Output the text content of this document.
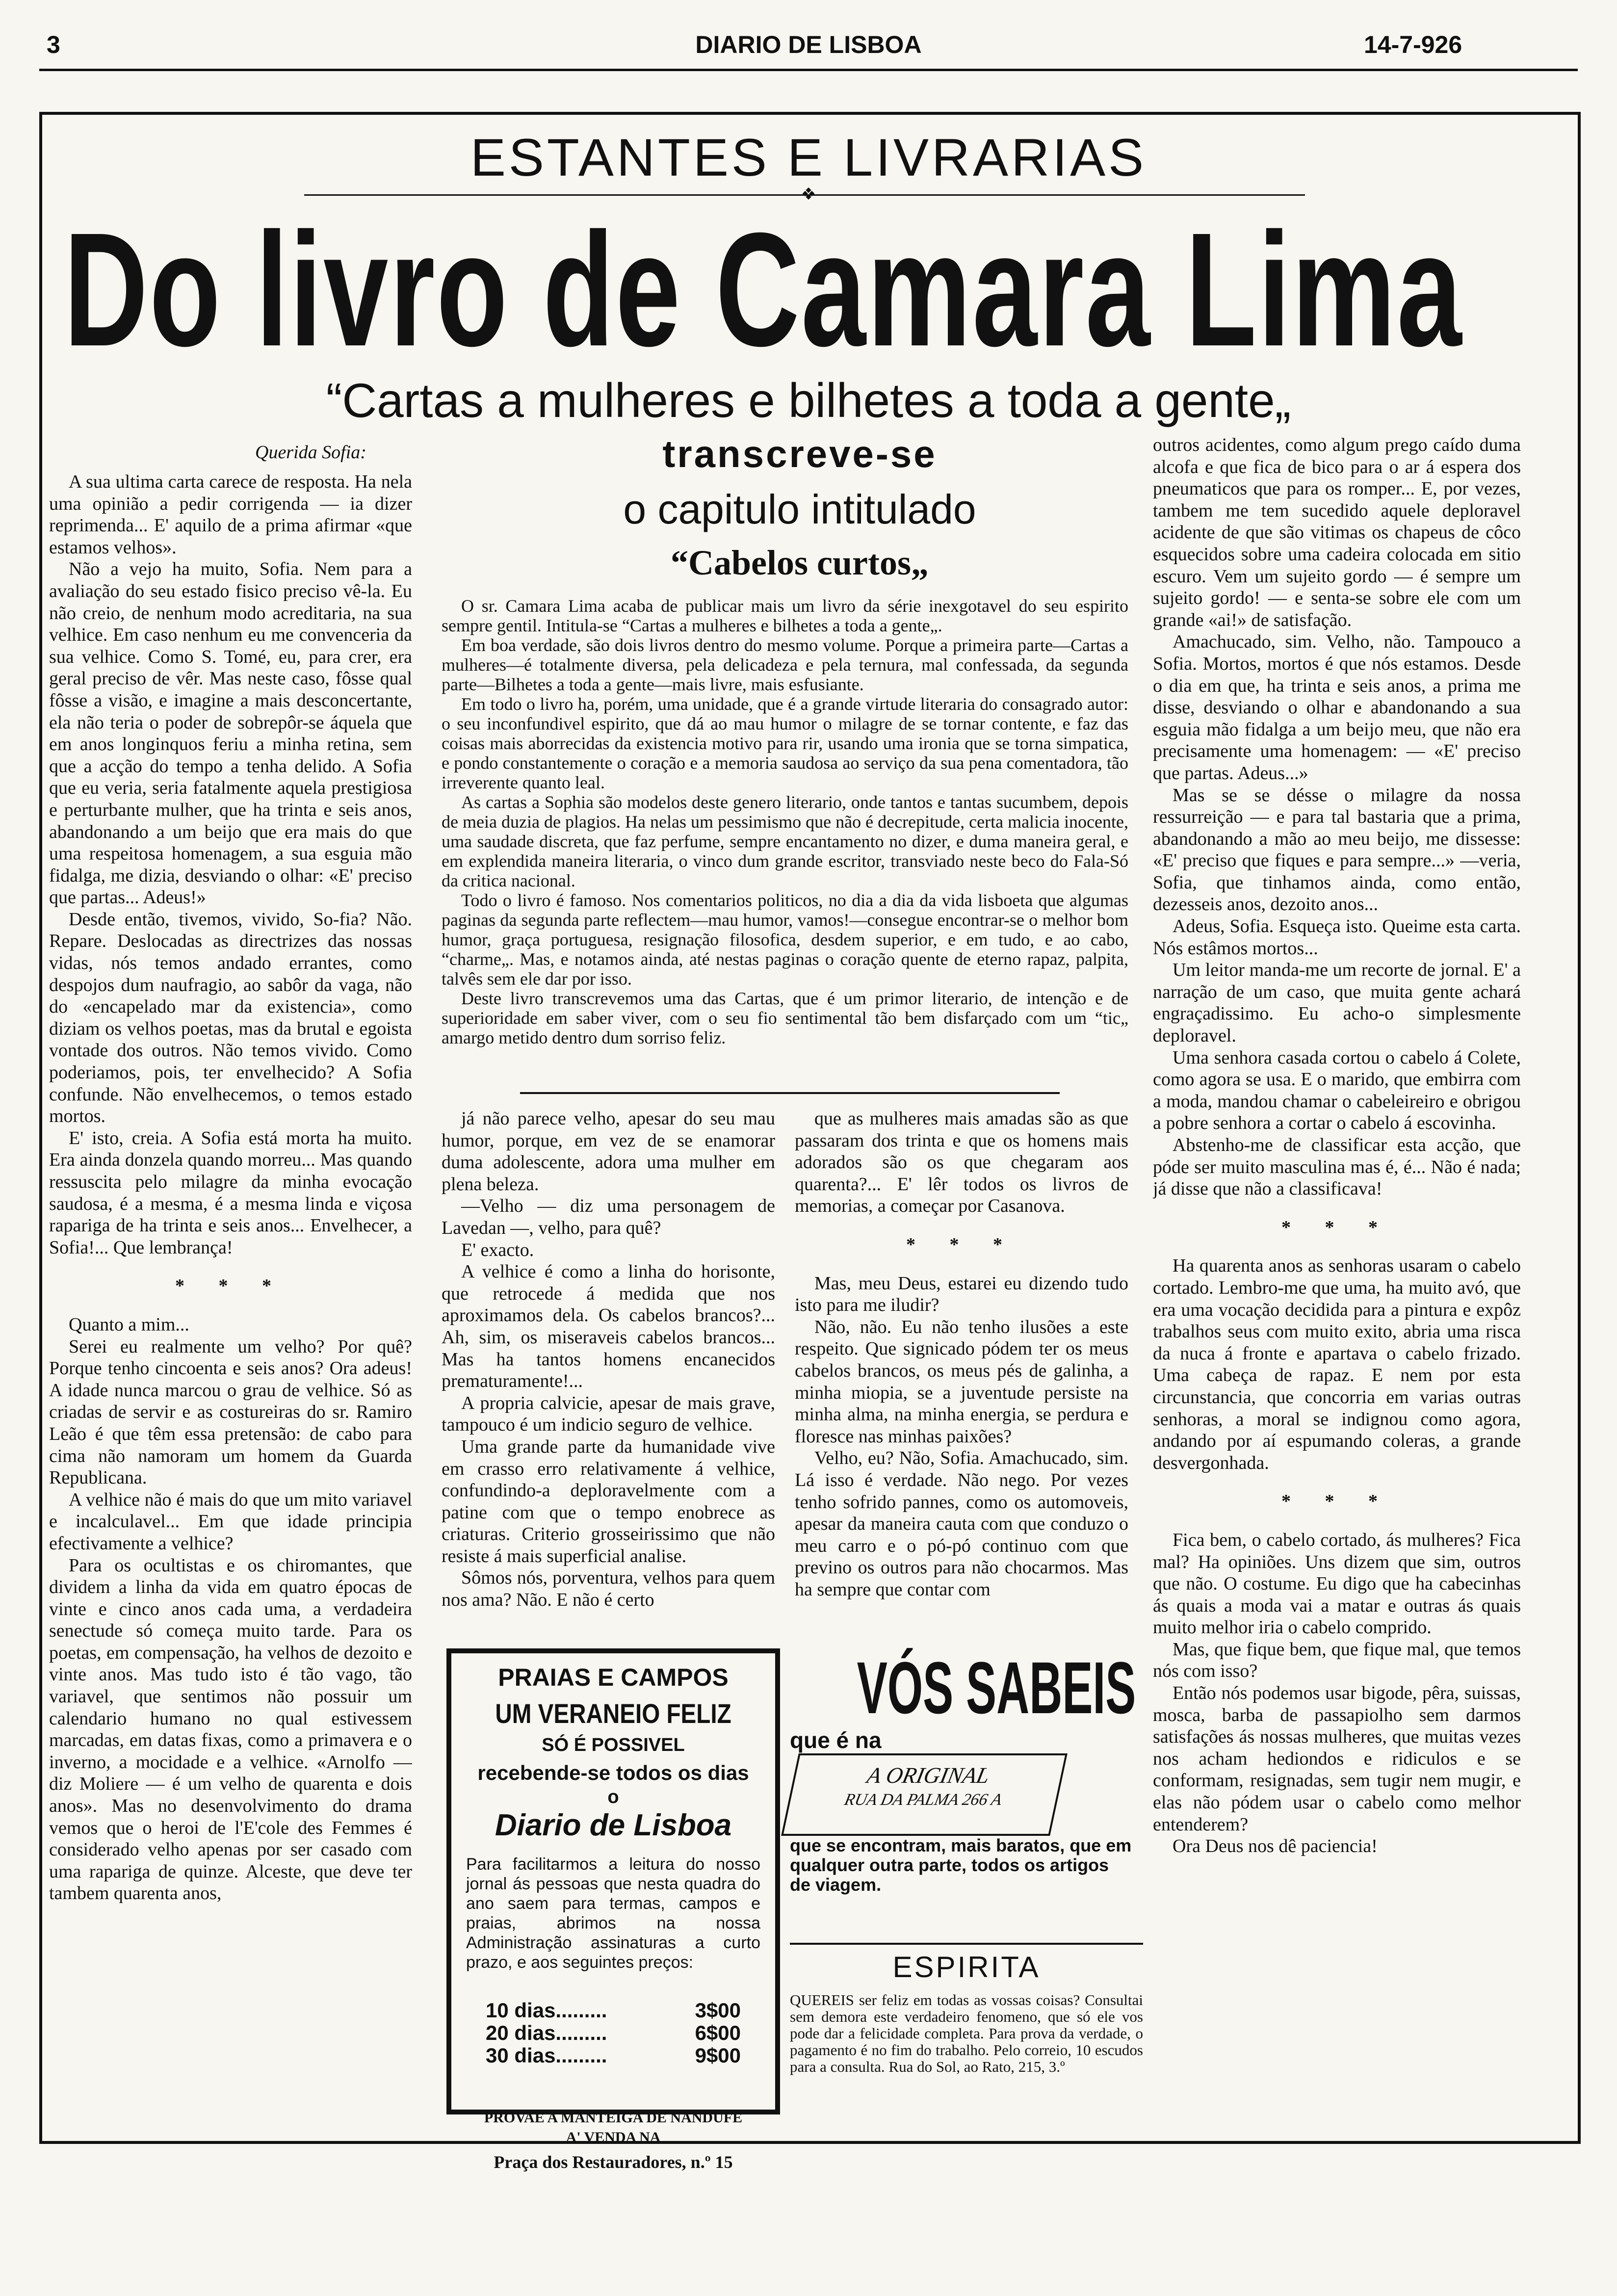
3	DIARIO DE LISBOA	14-7-926
ESTANTES E LIVRARIAS
❖
Do livro de Camara Lima
“Cartas a mulheres e bilhetes a toda a gente„
transcreve-se
o capitulo intitulado
“Cabelos curtos„
Querida Sofia:

A sua ultima carta carece de resposta. Ha nela uma opinião a pedir corrigenda — ia dizer reprimenda... E' aquilo de a prima afirmar «que estamos velhos».

Não a vejo ha muito, Sofia. Nem para a avaliação do seu estado fisico preciso vê-la. Eu não creio, de nenhum modo acreditaria, na sua velhice. Em caso nenhum eu me convenceria da sua velhice. Como S. Tomé, eu, para crer, era geral preciso de vêr. Mas neste caso, fôsse qual fôsse a visão, e imagine a mais desconcertante, ela não teria o poder de sobrepôr-se áquela que em anos longinquos feriu a minha retina, sem que a acção do tempo a tenha delido. A Sofia que eu veria, seria fatalmente aquela prestigiosa e perturbante mulher, que ha trinta e seis anos, abandonando a um beijo que era mais do que uma respeitosa homenagem, a sua esguia mão fidalga, me dizia, desviando o olhar: «E' preciso que partas... Adeus!»

Desde então, tivemos, vivido, So-fia? Não. Repare. Deslocadas as directrizes das nossas vidas, nós temos andado errantes, como despojos dum naufragio, ao sabôr da vaga, não do «encapelado mar da existencia», como diziam os velhos poetas, mas da brutal e egoista vontade dos outros. Não temos vivido. Como poderiamos, pois, ter envelhecido? A Sofia confunde. Não envelhecemos, o temos estado mortos.

E' isto, creia. A Sofia está morta ha muito. Era ainda donzela quando morreu... Mas quando ressuscita pelo milagre da minha evocação saudosa, é a mesma, é a mesma linda e viçosa rapariga de ha trinta e seis anos... Envelhecer, a Sofia!... Que lembrança!

* * *

Quanto a mim...

Serei eu realmente um velho? Por quê? Porque tenho cincoenta e seis anos? Ora adeus! A idade nunca marcou o grau de velhice. Só as criadas de servir e as costureiras do sr. Ramiro Leão é que têm essa pretensão: de cabo para cima não namoram um homem da Guarda Republicana.

A velhice não é mais do que um mito variavel e incalculavel... Em que idade principia efectivamente a velhice?

Para os ocultistas e os chiromantes, que dividem a linha da vida em quatro épocas de vinte e cinco anos cada uma, a verdadeira senectude só começa muito tarde. Para os poetas, em compensação, ha velhos de dezoito e vinte anos. Mas tudo isto é tão vago, tão variavel, que sentimos não possuir um calendario humano no qual estivessem marcadas, em datas fixas, como a primavera e o inverno, a mocidade e a velhice. «Arnolfo — diz Moliere — é um velho de quarenta e dois anos». Mas no desenvolvimento do drama vemos que o heroi de l'E'cole des Femmes é considerado velho apenas por ser casado com uma rapariga de quinze. Alceste, que deve ter tambem quarenta anos,

O sr. Camara Lima acaba de publicar mais um livro da série inexgotavel do seu espirito sempre gentil. Intitula-se “Cartas a mulheres e bilhetes a toda a gente„.

Em boa verdade, são dois livros dentro do mesmo volume. Porque a primeira parte—Cartas a mulheres—é totalmente diversa, pela delicadeza e pela ternura, mal confessada, da segunda parte—Bilhetes a toda a gente—mais livre, mais esfusiante.

Em todo o livro ha, porém, uma unidade, que é a grande virtude literaria do consagrado autor: o seu inconfundivel espirito, que dá ao mau humor o milagre de se tornar contente, e faz das coisas mais aborrecidas da existencia motivo para rir, usando uma ironia que se torna simpatica, e pondo constantemente o coração e a memoria saudosa ao serviço da sua pena comentadora, tão irreverente quanto leal.

As cartas a Sophia são modelos deste genero literario, onde tantos e tantas sucumbem, depois de meia duzia de plagios. Ha nelas um pessimismo que não é decrepitude, certa malicia inocente, uma saudade discreta, que faz perfume, sempre encantamento no dizer, e duma maneira geral, e em explendida maneira literaria, o vinco dum grande escritor, transviado neste beco do Fala-Só da critica nacional.

Todo o livro é famoso. Nos comentarios politicos, no dia a dia da vida lisboeta que algumas paginas da segunda parte reflectem—mau humor, vamos!—consegue encontrar-se o melhor bom humor, graça portuguesa, resignação filosofica, desdem superior, e em tudo, e ao cabo, “charme„. Mas, e notamos ainda, até nestas paginas o coração quente de eterno rapaz, palpita, talvês sem ele dar por isso.

Deste livro transcrevemos uma das Cartas, que é um primor literario, de intenção e de superioridade em saber viver, com o seu fio sentimental tão bem disfarçado com um “tic„ amargo metido dentro dum sorriso feliz.

já não parece velho, apesar do seu mau humor, porque, em vez de se enamorar duma adolescente, adora uma mulher em plena beleza.

—Velho — diz uma personagem de Lavedan —, velho, para quê?

E' exacto.

A velhice é como a linha do horisonte, que retrocede á medida que nos aproximamos dela. Os cabelos brancos?... Ah, sim, os miseraveis cabelos brancos... Mas ha tantos homens encanecidos prematuramente!...

A propria calvicie, apesar de mais grave, tampouco é um indicio seguro de velhice.

Uma grande parte da humanidade vive em crasso erro relativamente á velhice, confundindo-a deploravelmente com a patine com que o tempo enobrece as criaturas. Criterio grosseirissimo que não resiste á mais superficial analise.

Sômos nós, porventura, velhos para quem nos ama? Não. E não é certo

que as mulheres mais amadas são as que passaram dos trinta e que os homens mais adorados são os que chegaram aos quarenta?... E' lêr todos os livros de memorias, a começar por Casanova.

* * *

Mas, meu Deus, estarei eu dizendo tudo isto para me iludir?

Não, não. Eu não tenho ilusões a este respeito. Que signicado pódem ter os meus cabelos brancos, os meus pés de galinha, a minha miopia, se a juventude persiste na minha alma, na minha energia, se perdura e floresce nas minhas paixões?

Velho, eu? Não, Sofia. Amachucado, sim. Lá isso é verdade. Não nego. Por vezes tenho sofrido pannes, como os automoveis, apesar da maneira cauta com que conduzo o meu carro e o pó-pó continuo com que previno os outros para não chocarmos. Mas ha sempre que contar com

outros acidentes, como algum prego caído duma alcofa e que fica de bico para o ar á espera dos pneumaticos que para os romper... E, por vezes, tambem me tem sucedido aquele deploravel acidente de que são vitimas os chapeus de côco esquecidos sobre uma cadeira colocada em sitio escuro. Vem um sujeito gordo — é sempre um sujeito gordo! — e senta-se sobre ele com um grande «ai!» de satisfação.

Amachucado, sim. Velho, não. Tampouco a Sofia. Mortos, mortos é que nós estamos. Desde o dia em que, ha trinta e seis anos, a prima me disse, desviando o olhar e abandonando a sua esguia mão fidalga a um beijo meu, que não era precisamente uma homenagem: — «E' preciso que partas. Adeus...»

Mas se se désse o milagre da nossa ressurreição — e para tal bastaria que a prima, abandonando a mão ao meu beijo, me dissesse: «E' preciso que fiques e para sempre...» —veria, Sofia, que tinhamos ainda, como então, dezesseis anos, dezoito anos...

Adeus, Sofia. Esqueça isto. Queime esta carta. Nós estâmos mortos...

Um leitor manda-me um recorte de jornal. E' a narração de um caso, que muita gente achará engraçadissimo. Eu acho-o simplesmente deploravel.

Uma senhora casada cortou o cabelo á Colete, como agora se usa. E o marido, que embirra com a moda, mandou chamar o cabeleireiro e obrigou a pobre senhora a cortar o cabelo á escovinha.

Abstenho-me de classificar esta acção, que póde ser muito masculina mas é, é... Não é nada; já disse que não a classificava!

* * *

Ha quarenta anos as senhoras usaram o cabelo cortado. Lembro-me que uma, ha muito avó, que era uma vocação decidida para a pintura e expôz trabalhos seus com muito exito, abria uma risca da nuca á fronte e apartava o cabelo frizado. Uma cabeça de rapaz. E nem por esta circunstancia, que concorria em varias outras senhoras, a moral se indignou como agora, andando por aí espumando coleras, a grande desvergonhada.

* * *

Fica bem, o cabelo cortado, ás mulheres? Fica mal? Ha opiniões. Uns dizem que sim, outros que não. O costume. Eu digo que ha cabecinhas ás quais a moda vai a matar e outras ás quais muito melhor iria o cabelo comprido.

Mas, que fique bem, que fique mal, que temos nós com isso?

Então nós podemos usar bigode, pêra, suissas, mosca, barba de passapiolho sem darmos satisfações ás nossas mulheres, que muitas vezes nos acham hediondos e ridiculos e se conformam, resignadas, sem tugir nem mugir, e elas não pódem usar o cabelo como melhor entenderem?

Ora Deus nos dê paciencia!

PRAIAS E CAMPOS
UM VERANEIO FELIZ
SÓ É POSSIVEL
recebende-se todos os dias
o
Diario de Lisboa
Para facilitarmos a leitura do nosso jornal ás pessoas que nesta quadra do ano saem para termas, campos e praias, abrimos na nossa Administração assinaturas a curto prazo, e aos seguintes preços:
10 dias.........	3$00
20 dias.........	6$00
30 dias.........	9$00
PROVAE A MANTEIGA DE NANDUFE
A' VENDA NA
Praça dos Restauradores, n.º 15
VÓS SABEIS
que é na
A ORIGINAL
RUA DA PALMA 266 A
que se encontram, mais baratos, que em qualquer outra parte, todos os artigos de viagem.
ESPIRITA
QUEREIS ser feliz em todas as vossas coisas? Consultai sem demora este verdadeiro fenomeno, que só ele vos pode dar a felicidade completa. Para prova da verdade, o pagamento é no fim do trabalho. Pelo correio, 10 escudos para a consulta. Rua do Sol, ao Rato, 215, 3.º
